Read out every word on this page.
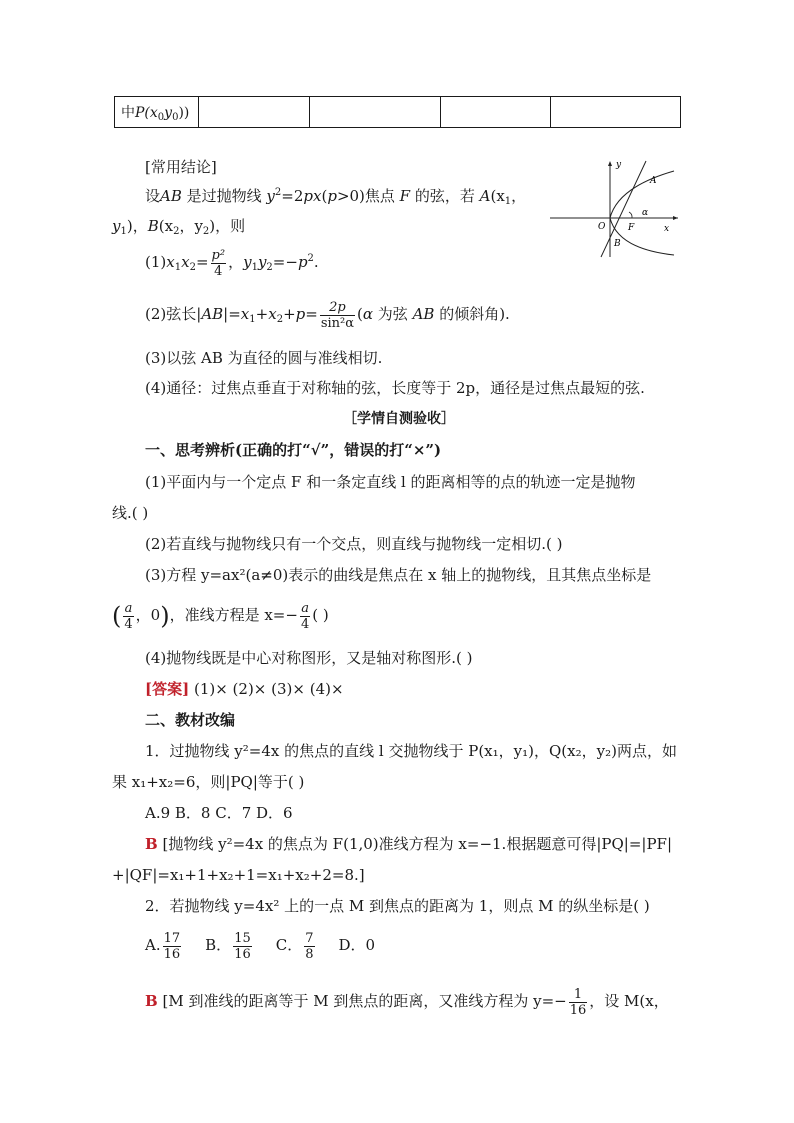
中$P(x_0y_0)$)				
y
x
O	F
A
B
α
[常用结论]
设AB 是过抛物线 $y^2=2px(p>0)$焦点 F 的弦，若 $A(x_1$，
$y_1$)，$B(x_2$，$y_2$)，则
$(1)x_1x_2= \frac{\text{p²}}{4}$ ，$y_1y_2=-p^2$.
(2)弦长$|AB|=x_1+x_2+p= \frac{2p}{\text{sin²α}} (\alpha$ 为弦 AB 的倾斜角).
(3)以弦 AB 为直径的圆与准线相切.
(4)通径：过焦点垂直于对称轴的弦，长度等于 2p，通径是过焦点最短的弦.
［学情自测验收］
一、思考辨析(正确的打“√”，错误的打“×”)
(1)平面内与一个定点 F 和一条定直线 l 的距离相等的点的轨迹一定是抛物
线.( )
(2)若直线与抛物线只有一个交点，则直线与抛物线一定相切.( )
(3)方程 y=ax²(a≠0)表示的曲线是焦点在 x 轴上的抛物线，且其焦点坐标是
( $\frac{a}{4}$ ，0)，准线方程是 $x=- \frac{a}{4}$ ( )
(4)抛物线既是中心对称图形，又是轴对称图形.( )
[答案] (1)× (2)× (3)× (4)×
二、教材改编
1．过抛物线 y²=4x 的焦点的直线 l 交抛物线于 P(x₁，y₁)，Q(x₂，y₂)两点，如
果 x₁+x₂=6，则|PQ|等于( )
A.9 B．8 C．7 D．6
B [抛物线 y²=4x 的焦点为 F(1,0)准线方程为 x=−1.根据题意可得|PQ|=|PF|
+|QF|=x₁+1+x₂+1=x₁+x₂+2=8.]
2．若抛物线 y=4x² 上的一点 M 到焦点的距离为 1，则点 M 的纵坐标是( )
A. $\frac{17}{16}$ B． $\frac{15}{16}$ C． $\frac{7}{8}$ D．0
B [M 到准线的距离等于 M 到焦点的距离，又准线方程为 $y=- \frac{1}{16}$ ，设 M(x，
